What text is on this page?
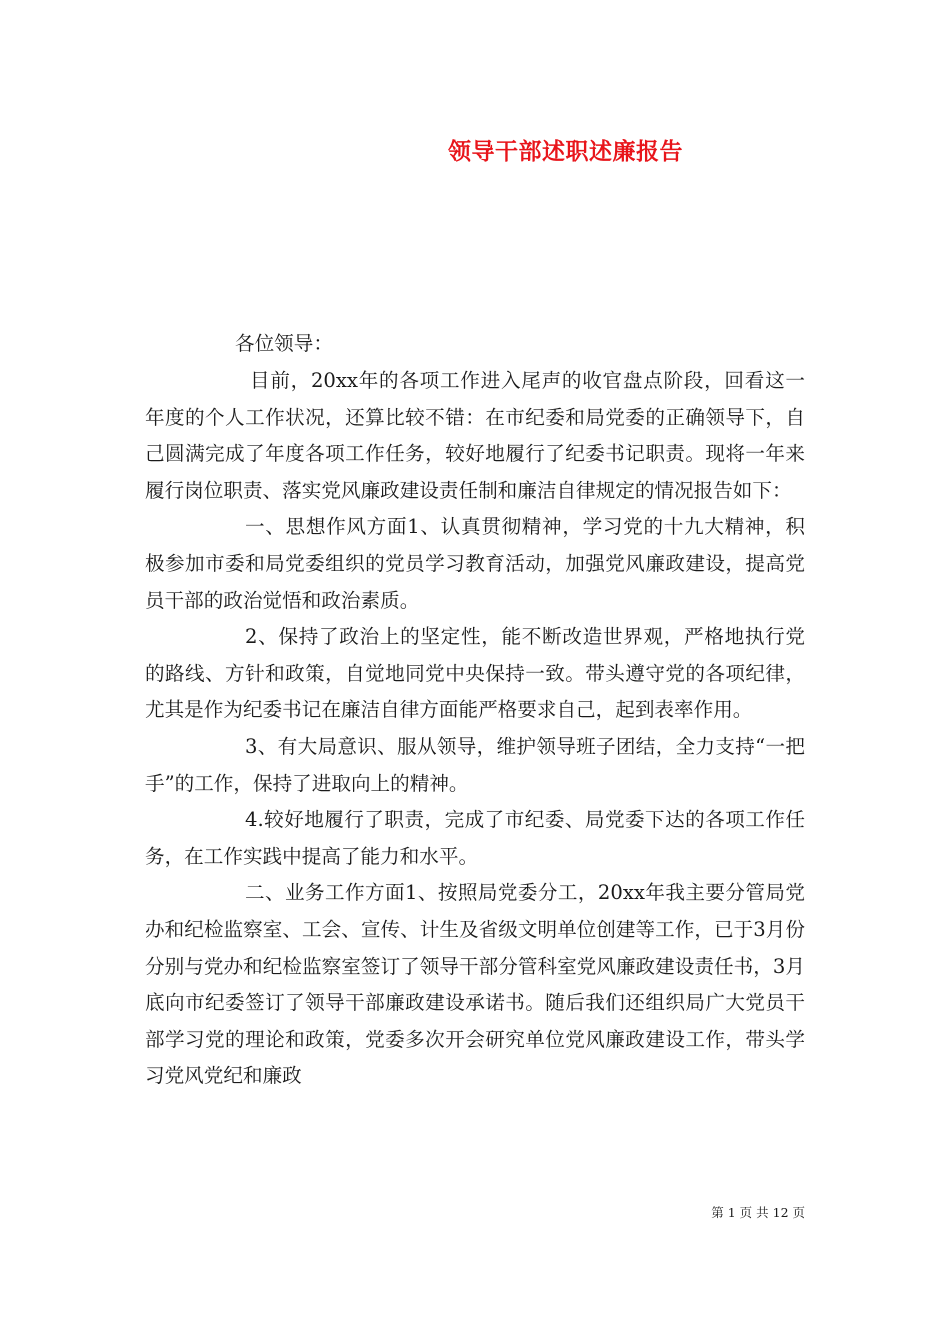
领导干部述职述廉报告
各位领导：

目前，20xx年的各项工作进入尾声的收官盘点阶段，回看这一年度的个人工作状况，还算比较不错：在市纪委和局党委的正确领导下，自己圆满完成了年度各项工作任务，较好地履行了纪委书记职责。现将一年来履行岗位职责、落实党风廉政建设责任制和廉洁自律规定的情况报告如下：

一、思想作风方面1、认真贯彻精神，学习党的十九大精神，积极参加市委和局党委组织的党员学习教育活动，加强党风廉政建设，提高党员干部的政治觉悟和政治素质。

2、保持了政治上的坚定性，能不断改造世界观，严格地执行党的路线、方针和政策，自觉地同党中央保持一致。带头遵守党的各项纪律，尤其是作为纪委书记在廉洁自律方面能严格要求自己，起到表率作用。

3、有大局意识、服从领导，维护领导班子团结，全力支持“一把手”的工作，保持了进取向上的精神。

4.较好地履行了职责，完成了市纪委、局党委下达的各项工作任务，在工作实践中提高了能力和水平。

二、业务工作方面1、按照局党委分工，20xx年我主要分管局党办和纪检监察室、工会、宣传、计生及省级文明单位创建等工作，已于3月份分别与党办和纪检监察室签订了领导干部分管科室党风廉政建设责任书，3月底向市纪委签订了领导干部廉政建设承诺书。随后我们还组织局广大党员干部学习党的理论和政策，党委多次开会研究单位党风廉政建设工作，带头学习党风党纪和廉政

第 1 页 共 12 页
